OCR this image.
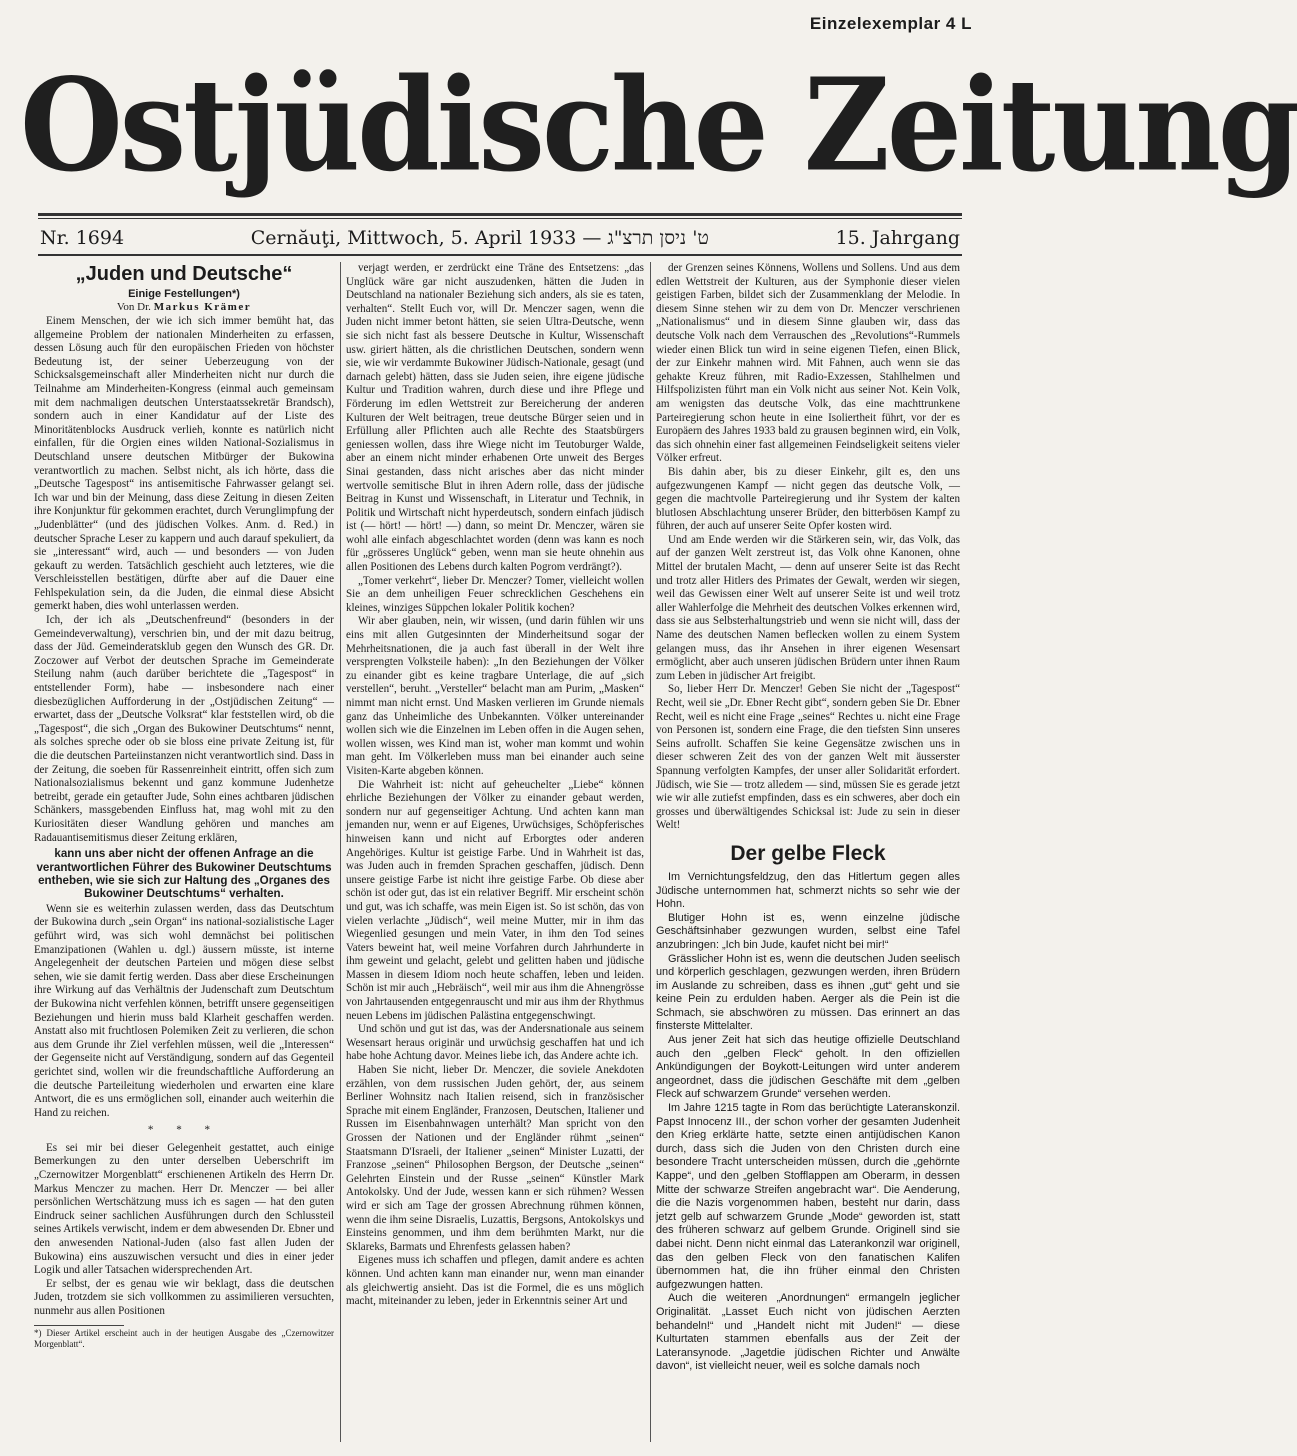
Einzelexemplar 4 L
Ostjüdische Zeitung
Nr. 1694	Cernăuţi, Mittwoch, 5. April 1933 — ט' ניסן תרצ"ג	15. Jahrgang
„Juden und Deutsche“
Einige Festellungen*)
Von Dr. Markus Krämer

Einem Menschen, der wie ich sich immer bemüht hat, das allgemeine Problem der nationalen Minderheiten zu erfassen, dessen Lösung auch für den europäischen Frieden von höchster Bedeutung ist, der seiner Ueberzeugung von der Schicksalsgemeinschaft aller Minderheiten nicht nur durch die Teilnahme am Minderheiten-Kongress (einmal auch gemeinsam mit dem nachmaligen deutschen Unterstaatssekretär Brandsch), sondern auch in einer Kandidatur auf der Liste des Minoritätenblocks Ausdruck verlieh, konnte es natürlich nicht einfallen, für die Orgien eines wilden National-Sozialismus in Deutschland unsere deutschen Mitbürger der Bukowina verantwortlich zu machen. Selbst nicht, als ich hörte, dass die „Deutsche Tagespost“ ins antisemitische Fahrwasser gelangt sei. Ich war und bin der Meinung, dass diese Zeitung in diesen Zeiten ihre Konjunktur für gekommen erachtet, durch Verunglimpfung der „Judenblätter“ (und des jüdischen Volkes. Anm. d. Red.) in deutscher Sprache Leser zu kappern und auch darauf spekuliert, da sie „interessant“ wird, auch — und besonders — von Juden gekauft zu werden. Tatsächlich geschieht auch letzteres, wie die Verschleisstellen bestätigen, dürfte aber auf die Dauer eine Fehlspekulation sein, da die Juden, die einmal diese Absicht gemerkt haben, dies wohl unterlassen werden.

Ich, der ich als „Deutschenfreund“ (besonders in der Gemeindeverwaltung), verschrien bin, und der mit dazu beitrug, dass der Jüd. Gemeinderatsklub gegen den Wunsch des GR. Dr. Zoczower auf Verbot der deutschen Sprache im Gemeinderate Steilung nahm (auch darüber berichtete die „Tagespost“ in entstellender Form), habe — insbesondere nach einer diesbezüglichen Aufforderung in der „Ostjüdischen Zeitung“ — erwartet, dass der „Deutsche Volksrat“ klar feststellen wird, ob die „Tagespost“, die sich „Organ des Bukowiner Deutschtums“ nennt, als solches spreche oder ob sie bloss eine private Zeitung ist, für die die deutschen Parteiinstanzen nicht verantwortlich sind. Dass in der Zeitung, die soeben für Rassenreinheit eintritt, offen sich zum Nationalsozialismus bekennt und ganz kommune Judenhetze betreibt, gerade ein getaufter Jude, Sohn eines achtbaren jüdischen Schänkers, massgebenden Einfluss hat, mag wohl mit zu den Kuriositäten dieser Wandlung gehören und manches am Radauantisemitismus dieser Zeitung erklären,

kann uns aber nicht der offenen Anfrage an die verantwortlichen Führer des Bukowiner Deutschtums entheben, wie sie sich zur Haltung des „Organes des Bukowiner Deutschtums“ verhalten.

Wenn sie es weiterhin zulassen werden, dass das Deutschtum der Bukowina durch „sein Organ“ ins national-sozialistische Lager geführt wird, was sich wohl demnächst bei politischen Emanzipationen (Wahlen u. dgl.) äussern müsste, ist interne Angelegenheit der deutschen Parteien und mögen diese selbst sehen, wie sie damit fertig werden. Dass aber diese Erscheinungen ihre Wirkung auf das Verhältnis der Judenschaft zum Deutschtum der Bukowina nicht verfehlen können, betrifft unsere gegenseitigen Beziehungen und hierin muss bald Klarheit geschaffen werden. Anstatt also mit fruchtlosen Polemiken Zeit zu verlieren, die schon aus dem Grunde ihr Ziel verfehlen müssen, weil die „Interessen“ der Gegenseite nicht auf Verständigung, sondern auf das Gegenteil gerichtet sind, wollen wir die freundschaftliche Aufforderung an die deutsche Parteileitung wiederholen und erwarten eine klare Antwort, die es uns ermöglichen soll, einander auch weiterhin die Hand zu reichen.

* * *

Es sei mir bei dieser Gelegenheit gestattet, auch einige Bemerkungen zu den unter derselben Ueberschrift im „Czernowitzer Morgenblatt“ erschienenen Artikeln des Herrn Dr. Markus Menczer zu machen. Herr Dr. Menczer — bei aller persönlichen Wertschätzung muss ich es sagen — hat den guten Eindruck seiner sachlichen Ausführungen durch den Schlussteil seines Artikels verwischt, indem er dem abwesenden Dr. Ebner und den anwesenden National-Juden (also fast allen Juden der Bukowina) eins auszuwischen versucht und dies in einer jeder Logik und aller Tatsachen widersprechenden Art.

Er selbst, der es genau wie wir beklagt, dass die deutschen Juden, trotzdem sie sich vollkommen zu assimilieren versuchten, nunmehr aus allen Positionen

*) Dieser Artikel erscheint auch in der heutigen Ausgabe des „Czernowitzer Morgenblatt“.

verjagt werden, er zerdrückt eine Träne des Entsetzens: „das Unglück wäre gar nicht auszudenken, hätten die Juden in Deutschland na nationaler Beziehung sich anders, als sie es taten, verhalten“. Stellt Euch vor, will Dr. Menczer sagen, wenn die Juden nicht immer betont hätten, sie seien Ultra-Deutsche, wenn sie sich nicht fast als bessere Deutsche in Kultur, Wissenschaft usw. giriert hätten, als die christlichen Deutschen, sondern wenn sie, wie wir verdammte Bukowiner Jüdisch-Nationale, gesagt (und darnach gelebt) hätten, dass sie Juden seien, ihre eigene jüdische Kultur und Tradition wahren, durch diese und ihre Pflege und Förderung im edlen Wettstreit zur Bereicherung der anderen Kulturen der Welt beitragen, treue deutsche Bürger seien und in Erfüllung aller Pflichten auch alle Rechte des Staatsbürgers geniessen wollen, dass ihre Wiege nicht im Teutoburger Walde, aber an einem nicht minder erhabenen Orte unweit des Berges Sinai gestanden, dass nicht arisches aber das nicht minder wertvolle semitische Blut in ihren Adern rolle, dass der jüdische Beitrag in Kunst und Wissenschaft, in Literatur und Technik, in Politik und Wirtschaft nicht hyperdeutsch, sondern einfach jüdisch ist (— hört! — hört! —) dann, so meint Dr. Menczer, wären sie wohl alle einfach abgeschlachtet worden (denn was kann es noch für „grösseres Unglück“ geben, wenn man sie heute ohnehin aus allen Positionen des Lebens durch kalten Pogrom verdrängt?).

„Tomer verkehrt“, lieber Dr. Menczer? Tomer, vielleicht wollen Sie an dem unheiligen Feuer schrecklichen Geschehens ein kleines, winziges Süppchen lokaler Politik kochen?

Wir aber glauben, nein, wir wissen, (und darin fühlen wir uns eins mit allen Gutgesinnten der Minderheitsund sogar der Mehrheitsnationen, die ja auch fast überall in der Welt ihre versprengten Volksteile haben): „In den Beziehungen der Völker zu einander gibt es keine tragbare Unterlage, die auf „sich verstellen“, beruht. „Versteller“ belacht man am Purim, „Masken“ nimmt man nicht ernst. Und Masken verlieren im Grunde niemals ganz das Unheimliche des Unbekannten. Völker untereinander wollen sich wie die Einzelnen im Leben offen in die Augen sehen, wollen wissen, wes Kind man ist, woher man kommt und wohin man geht. Im Völkerleben muss man bei einander auch seine Visiten-Karte abgeben können.

Die Wahrheit ist: nicht auf geheuchelter „Liebe“ können ehrliche Beziehungen der Völker zu einander gebaut werden, sondern nur auf gegenseitiger Achtung. Und achten kann man jemanden nur, wenn er auf Eigenes, Urwüchsiges, Schöpferisches hinweisen kann und nicht auf Erborgtes oder anderen Angehöriges. Kultur ist geistige Farbe. Und in Wahrheit ist das, was Juden auch in fremden Sprachen geschaffen, jüdisch. Denn unsere geistige Farbe ist nicht ihre geistige Farbe. Ob diese aber schön ist oder gut, das ist ein relativer Begriff. Mir erscheint schön und gut, was ich schaffe, was mein Eigen ist. So ist schön, das von vielen verlachte „Jüdisch“, weil meine Mutter, mir in ihm das Wiegenlied gesungen und mein Vater, in ihm den Tod seines Vaters beweint hat, weil meine Vorfahren durch Jahrhunderte in ihm geweint und gelacht, gelebt und gelitten haben und jüdische Massen in diesem Idiom noch heute schaffen, leben und leiden. Schön ist mir auch „Hebräisch“, weil mir aus ihm die Ahnengrösse von Jahrtausenden entgegenrauscht und mir aus ihm der Rhythmus neuen Lebens im jüdischen Palästina entgegenschwingt.

Und schön und gut ist das, was der Andersnationale aus seinem Wesensart heraus originär und urwüchsig geschaffen hat und ich habe hohe Achtung davor. Meines liebe ich, das Andere achte ich.

Haben Sie nicht, lieber Dr. Menczer, die soviele Anekdoten erzählen, von dem russischen Juden gehört, der, aus seinem Berliner Wohnsitz nach Italien reisend, sich in französischer Sprache mit einem Engländer, Franzosen, Deutschen, Italiener und Russen im Eisenbahnwagen unterhält? Man spricht von den Grossen der Nationen und der Engländer rühmt „seinen“ Staatsmann D'Israeli, der Italiener „seinen“ Minister Luzatti, der Franzose „seinen“ Philosophen Bergson, der Deutsche „seinen“ Gelehrten Einstein und der Russe „seinen“ Künstler Mark Antokolsky. Und der Jude, wessen kann er sich rühmen? Wessen wird er sich am Tage der grossen Abrechnung rühmen können, wenn die ihm seine Disraelis, Luzattis, Bergsons, Antokolskys und Einsteins genommen, und ihm dem berühmten Markt, nur die Sklareks, Barmats und Ehrenfests gelassen haben?

Eigenes muss ich schaffen und pflegen, damit andere es achten können. Und achten kann man einander nur, wenn man einander als gleichwertig ansieht. Das ist die Formel, die es uns möglich macht, miteinander zu leben, jeder in Erkenntnis seiner Art und

der Grenzen seines Könnens, Wollens und Sollens. Und aus dem edlen Wettstreit der Kulturen, aus der Symphonie dieser vielen geistigen Farben, bildet sich der Zusammenklang der Melodie. In diesem Sinne stehen wir zu dem von Dr. Menczer verschrienen „Nationalismus“ und in diesem Sinne glauben wir, dass das deutsche Volk nach dem Verrauschen des „Revolutions“-Rummels wieder einen Blick tun wird in seine eigenen Tiefen, einen Blick, der zur Einkehr mahnen wird. Mit Fahnen, auch wenn sie das gehakte Kreuz führen, mit Radio-Exzessen, Stahlhelmen und Hilfspolizisten führt man ein Volk nicht aus seiner Not. Kein Volk, am wenigsten das deutsche Volk, das eine machttrunkene Parteiregierung schon heute in eine Isoliertheit führt, vor der es Europäern des Jahres 1933 bald zu grausen beginnen wird, ein Volk, das sich ohnehin einer fast allgemeinen Feindseligkeit seitens vieler Völker erfreut.

Bis dahin aber, bis zu dieser Einkehr, gilt es, den uns aufgezwungenen Kampf — nicht gegen das deutsche Volk, — gegen die machtvolle Parteiregierung und ihr System der kalten blutlosen Abschlachtung unserer Brüder, den bitterbösen Kampf zu führen, der auch auf unserer Seite Opfer kosten wird.

Und am Ende werden wir die Stärkeren sein, wir, das Volk, das auf der ganzen Welt zerstreut ist, das Volk ohne Kanonen, ohne Mittel der brutalen Macht, — denn auf unserer Seite ist das Recht und trotz aller Hitlers des Primates der Gewalt, werden wir siegen, weil das Gewissen einer Welt auf unserer Seite ist und weil trotz aller Wahlerfolge die Mehrheit des deutschen Volkes erkennen wird, dass sie aus Selbsterhaltungstrieb und wenn sie nicht will, dass der Name des deutschen Namen beflecken wollen zu einem System gelangen muss, das ihr Ansehen in ihrer eigenen Wesensart ermöglicht, aber auch unseren jüdischen Brüdern unter ihnen Raum zum Leben in jüdischer Art freigibt.

So, lieber Herr Dr. Menczer! Geben Sie nicht der „Tagespost“ Recht, weil sie „Dr. Ebner Recht gibt“, sondern geben Sie Dr. Ebner Recht, weil es nicht eine Frage „seines“ Rechtes u. nicht eine Frage von Personen ist, sondern eine Frage, die den tiefsten Sinn unseres Seins aufrollt. Schaffen Sie keine Gegensätze zwischen uns in dieser schweren Zeit des von der ganzen Welt mit äusserster Spannung verfolgten Kampfes, der unser aller Solidarität erfordert. Jüdisch, wie Sie — trotz alledem — sind, müssen Sie es gerade jetzt wie wir alle zutiefst empfinden, dass es ein schweres, aber doch ein grosses und überwältigendes Schicksal ist: Jude zu sein in dieser Welt!

Der gelbe Fleck

Im Vernichtungsfeldzug, den das Hitlertum gegen alles Jüdische unternommen hat, schmerzt nichts so sehr wie der Hohn.

Blutiger Hohn ist es, wenn einzelne jüdische Geschäftsinhaber gezwungen wurden, selbst eine Tafel anzubringen: „Ich bin Jude, kaufet nicht bei mir!“

Grässlicher Hohn ist es, wenn die deutschen Juden seelisch und körperlich geschlagen, gezwungen werden, ihren Brüdern im Auslande zu schreiben, dass es ihnen „gut“ geht und sie keine Pein zu erdulden haben. Aerger als die Pein ist die Schmach, sie abschwören zu müssen. Das erinnert an das finsterste Mittelalter.

Aus jener Zeit hat sich das heutige offizielle Deutschland auch den „gelben Fleck“ geholt. In den offiziellen Ankündigungen der Boykott-Leitungen wird unter anderem angeordnet, dass die jüdischen Geschäfte mit dem „gelben Fleck auf schwarzem Grunde“ versehen werden.

Im Jahre 1215 tagte in Rom das berüchtigte Lateranskonzil. Papst Innocenz III., der schon vorher der gesamten Judenheit den Krieg erklärte hatte, setzte einen antijüdischen Kanon durch, dass sich die Juden von den Christen durch eine besondere Tracht unterscheiden müssen, durch die „gehörnte Kappe“, und den „gelben Stofflappen am Oberarm, in dessen Mitte der schwarze Streifen angebracht war“. Die Aenderung, die die Nazis vorgenommen haben, besteht nur darin, dass jetzt gelb auf schwarzem Grunde „Mode“ geworden ist, statt des früheren schwarz auf gelbem Grunde. Originell sind sie dabei nicht. Denn nicht einmal das Laterankonzil war originell, das den gelben Fleck von den fanatischen Kalifen übernommen hat, die ihn früher einmal den Christen aufgezwungen hatten.

Auch die weiteren „Anordnungen“ ermangeln jeglicher Originalität. „Lasset Euch nicht von jüdischen Aerzten behandeln!“ und „Handelt nicht mit Juden!“ — diese Kulturtaten stammen ebenfalls aus der Zeit der Lateransynode. „Jagetdie jüdischen Richter und Anwälte davon“, ist vielleicht neuer, weil es solche damals noch
